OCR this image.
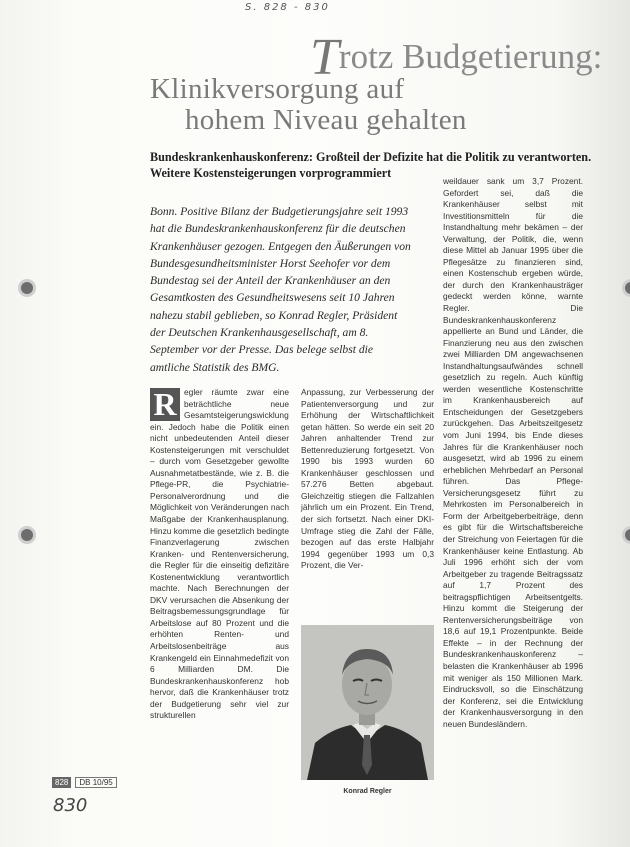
S. 828 - 830
Trotz Budgetierung:
Klinikversorgung auf
hohem Niveau gehalten
Bundeskrankenhauskonferenz: Großteil der Defizite hat die Politik zu verantworten. Weitere Kostensteigerungen vorprogrammiert
Bonn. Positive Bilanz der Budgetierungsjahre seit 1993 hat die Bundeskrankenhauskonferenz für die deutschen Krankenhäuser gezogen. Entgegen den Äußerungen von Bundesgesundheitsminister Horst Seehofer vor dem Bundestag sei der Anteil der Krankenhäuser an den Gesamtkosten des Gesundheitswesens seit 10 Jahren nahezu stabil geblieben, so Konrad Regler, Präsident der Deutschen Krankenhausgesellschaft, am 8. September vor der Presse. Das belege selbst die amtliche Statistik des BMG.
R egler räumte zwar eine beträchtliche neue Gesamtsteigerungswicklung ein. Jedoch habe die Politik einen nicht unbedeutenden Anteil dieser Kostensteigerungen mit verschuldet – durch vom Gesetzgeber gewollte Ausnahmetatbestände, wie z. B. die Pflege-PR, die Psychiatrie-Personalverordnung und die Möglichkeit von Veränderungen nach Maßgabe der Krankenhausplanung. Hinzu komme die gesetzlich bedingte Finanzverlagerung zwischen Kranken- und Rentenversicherung, die Regler für die einseitig defizitäre Kostenentwicklung verantwortlich machte. Nach Berechnungen der DKV verursachen die Absenkung der Beitragsbemessungsgrundlage für Arbeitslose auf 80 Prozent und die erhöhten Renten- und Arbeitslosenbeiträge aus Krankengeld ein Einnahmedefizit von 6 Milliarden DM. Die Bundeskrankenhauskonferenz hob hervor, daß die Krankenhäuser trotz der Budgetierung sehr viel zur strukturellen
Anpassung, zur Verbesserung der Patientenversorgung und zur Erhöhung der Wirtschaftlichkeit getan hätten. So werde ein seit 20 Jahren anhaltender Trend zur Bettenreduzierung fortgesetzt. Von 1990 bis 1993 wurden 60 Krankenhäuser geschlossen und 57.276 Betten abgebaut. Gleichzeitig stiegen die Fallzahlen jährlich um ein Prozent. Ein Trend, der sich fortsetzt. Nach einer DKI-Umfrage stieg die Zahl der Fälle, bezogen auf das erste Halbjahr 1994 gegenüber 1993 um 0,3 Prozent, die Ver-
weildauer sank um 3,7 Prozent. Gefordert sei, daß die Krankenhäuser selbst mit Investitionsmitteln für die Instandhaltung mehr bekämen – der Verwaltung, der Politik, die, wenn diese Mittel ab Januar 1995 über die Pflegesätze zu finanzieren sind, einen Kostenschub ergeben würde, der durch den Krankenhausträger gedeckt werden könne, warnte Regler. Die Bundeskrankenhauskonferenz appellierte an Bund und Länder, die Finanzierung neu aus den zwischen zwei Milliarden DM angewachsenen Instandhaltungsaufwändes schnell gesetzlich zu regeln. Auch künftig werden wesentliche Kostenschritte im Krankenhausbereich auf Entscheidungen der Gesetzgebers zurückgehen. Das Arbeitszeitgesetz vom Juni 1994, bis Ende dieses Jahres für die Krankenhäuser noch ausgesetzt, wird ab 1996 zu einem erheblichen Mehrbedarf an Personal führen. Das Pflege-Versicherungsgesetz führt zu Mehrkosten im Personalbereich in Form der Arbeitgeberbeiträge, denn es gibt für die Wirtschaftsbereiche der Streichung von Feiertagen für die Krankenhäuser keine Entlastung. Ab Juli 1996 erhöht sich der vom Arbeitgeber zu tragende Beitragssatz auf 1,7 Prozent des beitragspflichtigen Arbeitsentgelts. Hinzu kommt die Steigerung der Rentenversicherungsbeiträge von 18,6 auf 19,1 Prozentpunkte. Beide Effekte – in der Rechnung der Bundeskrankenhauskonferenz – belasten die Krankenhäuser ab 1996 mit weniger als 150 Millionen Mark. Eindrucksvoll, so die Einschätzung der Konferenz, sei die Entwicklung der Krankenhausversorgung in den neuen Bundesländern.
Konrad Regler
828	DB 10/95
830
